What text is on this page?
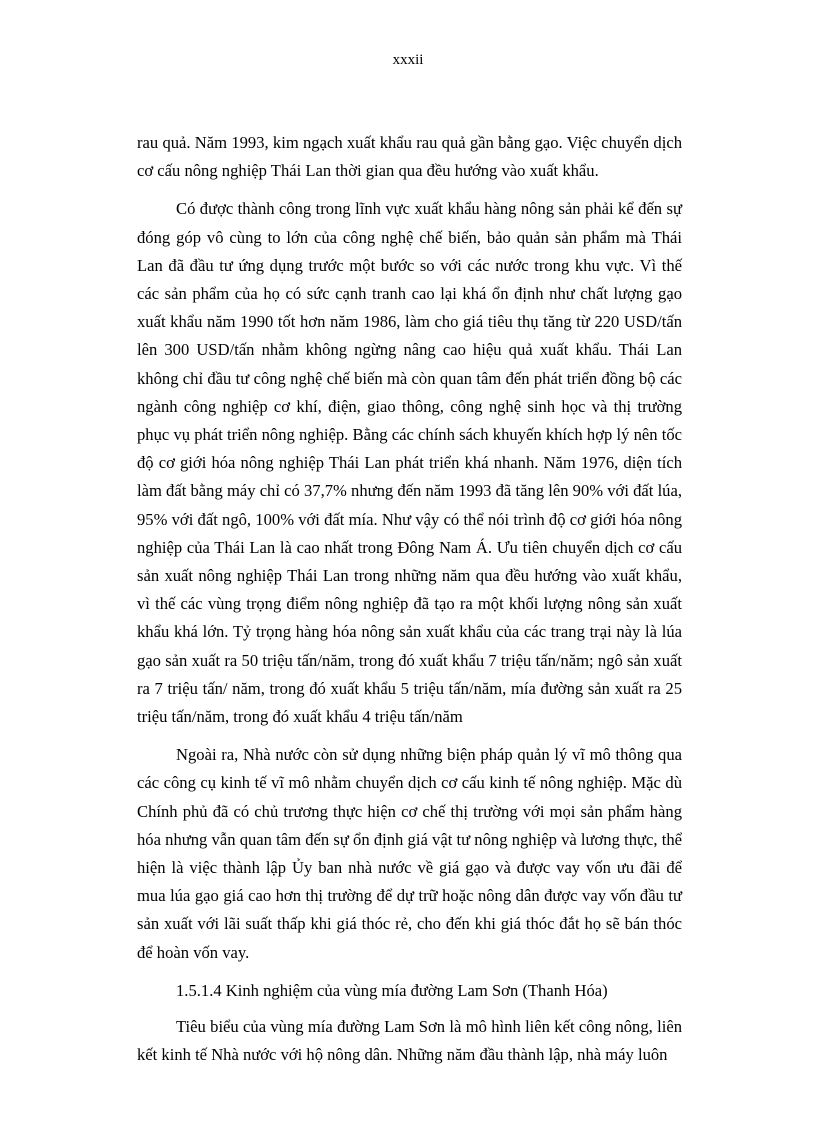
xxxii

rau quả. Năm 1993, kim ngạch xuất khẩu rau quả gần bằng gạo. Việc chuyển dịch cơ cấu nông nghiệp Thái Lan thời gian qua đều hướng vào xuất khẩu.

Có được thành công trong lĩnh vực xuất khẩu hàng nông sản phải kể đến sự đóng góp vô cùng to lớn của công nghệ chế biến, bảo quản sản phẩm mà Thái Lan đã đầu tư ứng dụng trước một bước so với các nước trong khu vực. Vì thế các sản phẩm của họ có sức cạnh tranh cao lại khá ổn định như chất lượng gạo xuất khẩu năm 1990 tốt hơn năm 1986, làm cho giá tiêu thụ tăng từ 220 USD/tấn lên 300 USD/tấn nhằm không ngừng nâng cao hiệu quả xuất khẩu. Thái Lan không chỉ đầu tư công nghệ chế biến mà còn quan tâm đến phát triển đồng bộ các ngành công nghiệp cơ khí, điện, giao thông, công nghệ sinh học và thị trường phục vụ phát triển nông nghiệp. Bằng các chính sách khuyến khích hợp lý nên tốc độ cơ giới hóa nông nghiệp Thái Lan phát triển khá nhanh. Năm 1976, diện tích làm đất bằng máy chỉ có 37,7% nhưng đến năm 1993 đã tăng lên 90% với đất lúa, 95% với đất ngô, 100% với đất mía. Như vậy có thể nói trình độ cơ giới hóa nông nghiệp của Thái Lan là cao nhất trong Đông Nam Á. Ưu tiên chuyển dịch cơ cấu sản xuất nông nghiệp Thái Lan trong những năm qua đều hướng vào xuất khẩu, vì thế các vùng trọng điểm nông nghiệp đã tạo ra một khối lượng nông sản xuất khẩu khá lớn. Tỷ trọng hàng hóa nông sản xuất khẩu của các trang trại này là lúa gạo sản xuất ra 50 triệu tấn/năm, trong đó xuất khẩu 7 triệu tấn/năm; ngô sản xuất ra 7 triệu tấn/ năm, trong đó xuất khẩu 5 triệu tấn/năm, mía đường sản xuất ra 25 triệu tấn/năm, trong đó xuất khẩu 4 triệu tấn/năm

Ngoài ra, Nhà nước còn sử dụng những biện pháp quản lý vĩ mô thông qua các công cụ kinh tế vĩ mô nhằm chuyển dịch cơ cấu kinh tế nông nghiệp. Mặc dù Chính phủ đã có chủ trương thực hiện cơ chế thị trường với mọi sản phẩm hàng hóa nhưng vẫn quan tâm đến sự ổn định giá vật tư nông nghiệp và lương thực, thể hiện là việc thành lập Ủy ban nhà nước về giá gạo và được vay vốn ưu đãi để mua lúa gạo giá cao hơn thị trường để dự trữ hoặc nông dân được vay vốn đầu tư sản xuất với lãi suất thấp khi giá thóc rẻ, cho đến khi giá thóc đắt họ sẽ bán thóc để hoàn vốn vay.

1.5.1.4 Kinh nghiệm của vùng mía đường Lam Sơn (Thanh Hóa)

Tiêu biểu của vùng mía đường Lam Sơn là mô hình liên kết công nông, liên kết kinh tế Nhà nước với hộ nông dân. Những năm đầu thành lập, nhà máy luôn
